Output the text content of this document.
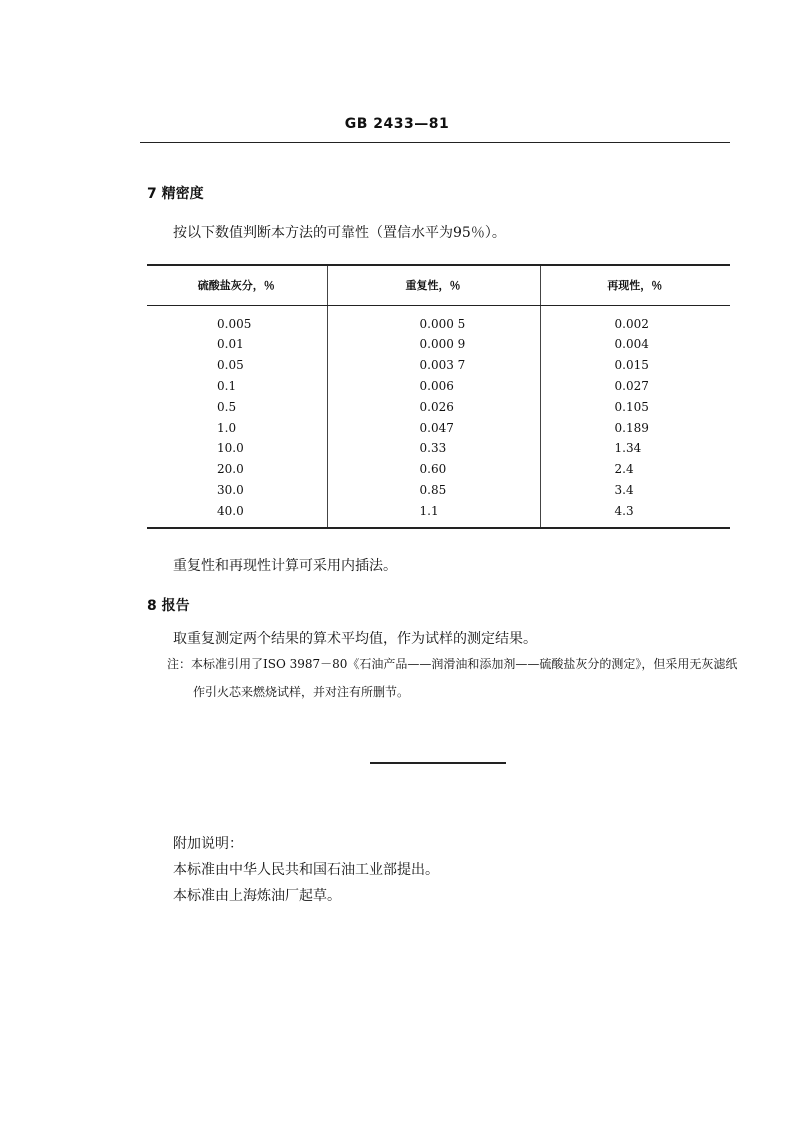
GB 2433—81
7 精密度
按以下数值判断本方法的可靠性（置信水平为95％）。
硫酸盐灰分，％	重复性，％	再现性，％
0.005	0.000 5	0.002
0.01	0.000 9	0.004
0.05	0.003 7	0.015
0.1	0.006	0.027
0.5	0.026	0.105
1.0	0.047	0.189
10.0	0.33	1.34
20.0	0.60	2.4
30.0	0.85	3.4
40.0	1.1	4.3
重复性和再现性计算可采用内插法。
8 报告
取重复测定两个结果的算术平均值，作为试样的测定结果。
注：本标准引用了ISO 3987－80《石油产品——润滑油和添加剂——硫酸盐灰分的测定》，但采用无灰滤纸
作引火芯来燃烧试样，并对注有所删节。
附加说明：
本标准由中华人民共和国石油工业部提出。
本标准由上海炼油厂起草。
